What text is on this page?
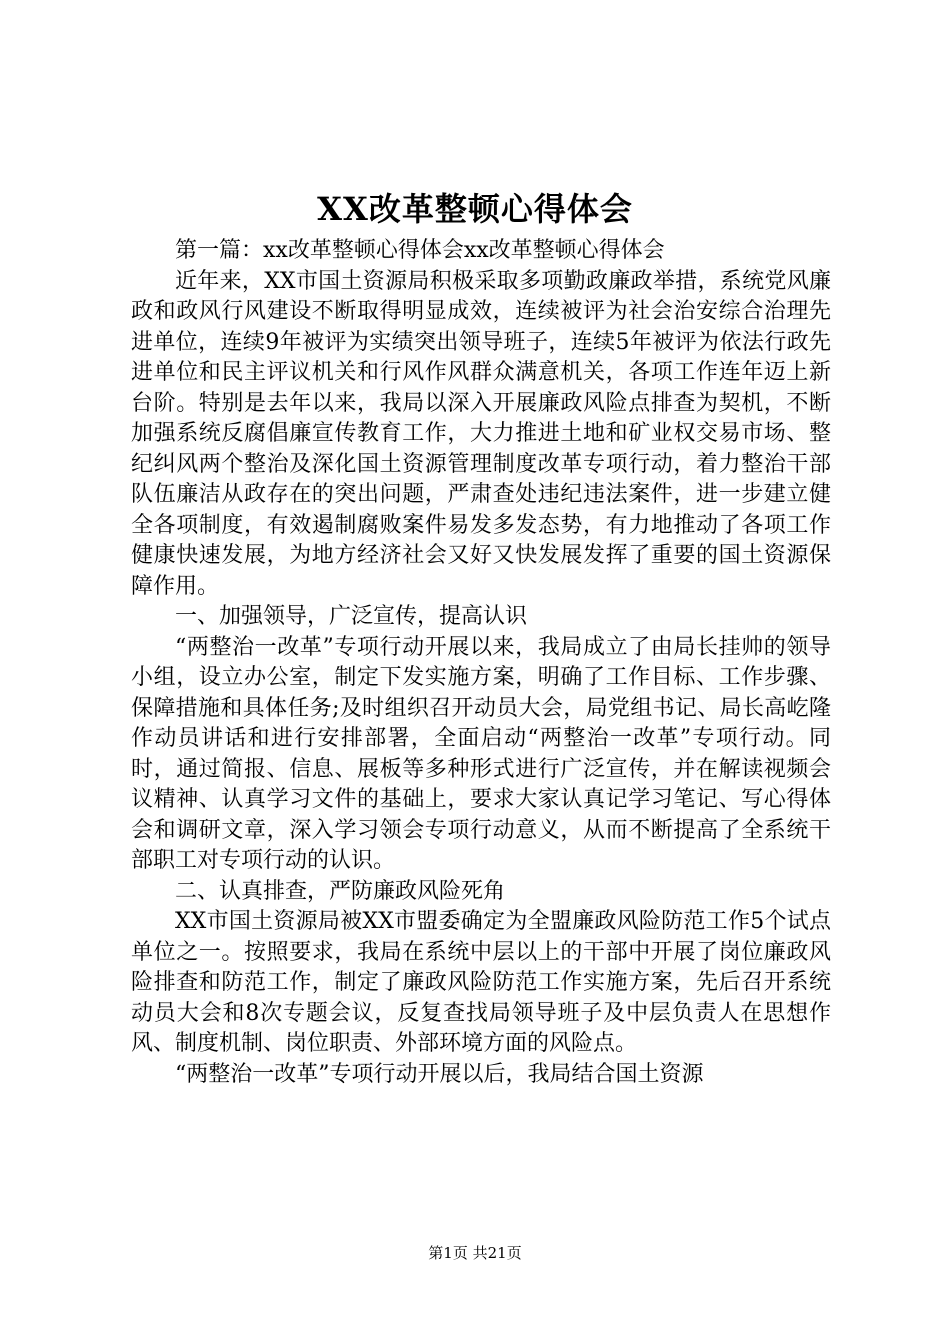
XX改革整顿心得体会

第一篇：xx改革整顿心得体会xx改革整顿心得体会

近年来，XX市国土资源局积极采取多项勤政廉政举措，系统党风廉政和政风行风建设不断取得明显成效，连续被评为社会治安综合治理先进单位，连续9年被评为实绩突出领导班子，连续5年被评为依法行政先进单位和民主评议机关和行风作风群众满意机关，各项工作连年迈上新台阶。特别是去年以来，我局以深入开展廉政风险点排查为契机，不断加强系统反腐倡廉宣传教育工作，大力推进土地和矿业权交易市场、整纪纠风两个整治及深化国土资源管理制度改革专项行动，着力整治干部队伍廉洁从政存在的突出问题，严肃查处违纪违法案件，进一步建立健全各项制度，有效遏制腐败案件易发多发态势，有力地推动了各项工作健康快速发展，为地方经济社会又好又快发展发挥了重要的国土资源保障作用。

一、加强领导，广泛宣传，提高认识

“两整治一改革”专项行动开展以来，我局成立了由局长挂帅的领导小组，设立办公室，制定下发实施方案，明确了工作目标、工作步骤、保障措施和具体任务;及时组织召开动员大会，局党组书记、局长高屹隆作动员讲话和进行安排部署，全面启动“两整治一改革”专项行动。同时，通过简报、信息、展板等多种形式进行广泛宣传，并在解读视频会议精神、认真学习文件的基础上，要求大家认真记学习笔记、写心得体会和调研文章，深入学习领会专项行动意义，从而不断提高了全系统干部职工对专项行动的认识。

二、认真排查，严防廉政风险死角

XX市国土资源局被XX市盟委确定为全盟廉政风险防范工作5个试点单位之一。按照要求，我局在系统中层以上的干部中开展了岗位廉政风险排查和防范工作，制定了廉政风险防范工作实施方案，先后召开系统动员大会和8次专题会议，反复查找局领导班子及中层负责人在思想作风、制度机制、岗位职责、外部环境方面的风险点。

“两整治一改革”专项行动开展以后，我局结合国土资源

第1页 共21页
